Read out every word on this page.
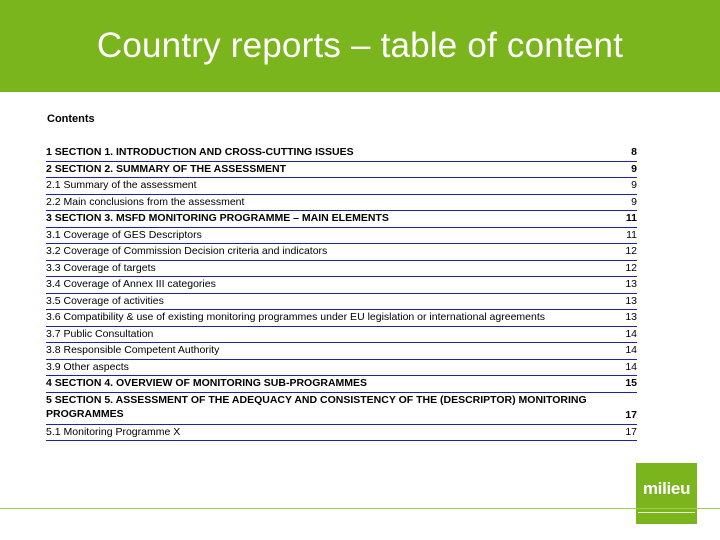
Country reports – table of content
Contents
1 SECTION 1. INTRODUCTION AND CROSS-CUTTING ISSUES	8
2 SECTION 2. SUMMARY OF THE ASSESSMENT	9
2.1 Summary of the assessment	9
2.2 Main conclusions from the assessment	9
3 SECTION 3. MSFD MONITORING PROGRAMME – MAIN ELEMENTS	11
3.1 Coverage of GES Descriptors	11
3.2 Coverage of Commission Decision criteria and indicators	12
3.3 Coverage of targets	12
3.4 Coverage of Annex III categories	13
3.5 Coverage of activities	13
3.6 Compatibility & use of existing monitoring programmes under EU legislation or international agreements	13
3.7 Public Consultation	14
3.8 Responsible Competent Authority	14
3.9 Other aspects	14
4 SECTION 4. OVERVIEW OF MONITORING SUB-PROGRAMMES	15
5 SECTION 5. ASSESSMENT OF THE ADEQUACY AND CONSISTENCY OF THE (DESCRIPTOR) MONITORING PROGRAMMES	17
5.1 Monitoring Programme X	17
milieu
